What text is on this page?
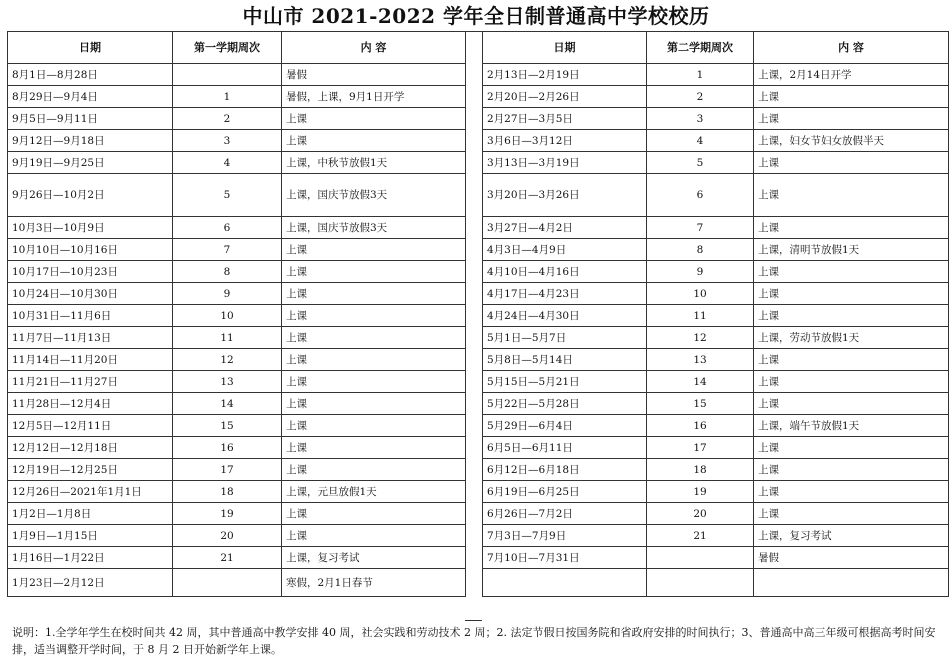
中山市 2021-2022 学年全日制普通高中学校校历
日期	第一学期周次	内 容
8月1日—8月28日		暑假
8月29日—9月4日	1	暑假，上课，9月1日开学
9月5日—9月11日	2	上课
9月12日—9月18日	3	上课
9月19日—9月25日	4	上课，中秋节放假1天
9月26日—10月2日	5	上课，国庆节放假3天
10月3日—10月9日	6	上课，国庆节放假3天
10月10日—10月16日	7	上课
10月17日—10月23日	8	上课
10月24日—10月30日	9	上课
10月31日—11月6日	10	上课
11月7日—11月13日	11	上课
11月14日—11月20日	12	上课
11月21日—11月27日	13	上课
11月28日—12月4日	14	上课
12月5日—12月11日	15	上课
12月12日—12月18日	16	上课
12月19日—12月25日	17	上课
12月26日—2021年1月1日	18	上课，元旦放假1天
1月2日—1月8日	19	上课
1月9日—1月15日	20	上课
1月16日—1月22日	21	上课，复习考试
1月23日—2月12日		寒假，2月1日春节
日期	第二学期周次	内 容
2月13日—2月19日	1	上课，2月14日开学
2月20日—2月26日	2	上课
2月27日—3月5日	3	上课
3月6日—3月12日	4	上课，妇女节妇女放假半天
3月13日—3月19日	5	上课
3月20日—3月26日	6	上课
3月27日—4月2日	7	上课
4月3日—4月9日	8	上课，清明节放假1天
4月10日—4月16日	9	上课
4月17日—4月23日	10	上课
4月24日—4月30日	11	上课
5月1日—5月7日	12	上课，劳动节放假1天
5月8日—5月14日	13	上课
5月15日—5月21日	14	上课
5月22日—5月28日	15	上课
5月29日—6月4日	16	上课，端午节放假1天
6月5日—6月11日	17	上课
6月12日—6月18日	18	上课
6月19日—6月25日	19	上课
6月26日—7月2日	20	上课
7月3日—7月9日	21	上课，复习考试
7月10日—7月31日		暑假

说明：1.全学年学生在校时间共 42 周，其中普通高中教学安排 40 周，社会实践和劳动技术 2 周；2. 法定节假日按国务院和省政府安排的时间执行；3、普通高中高三年级可根据高考时间安排，适当调整开学时间，于 8 月 2 日开始新学年上课。
